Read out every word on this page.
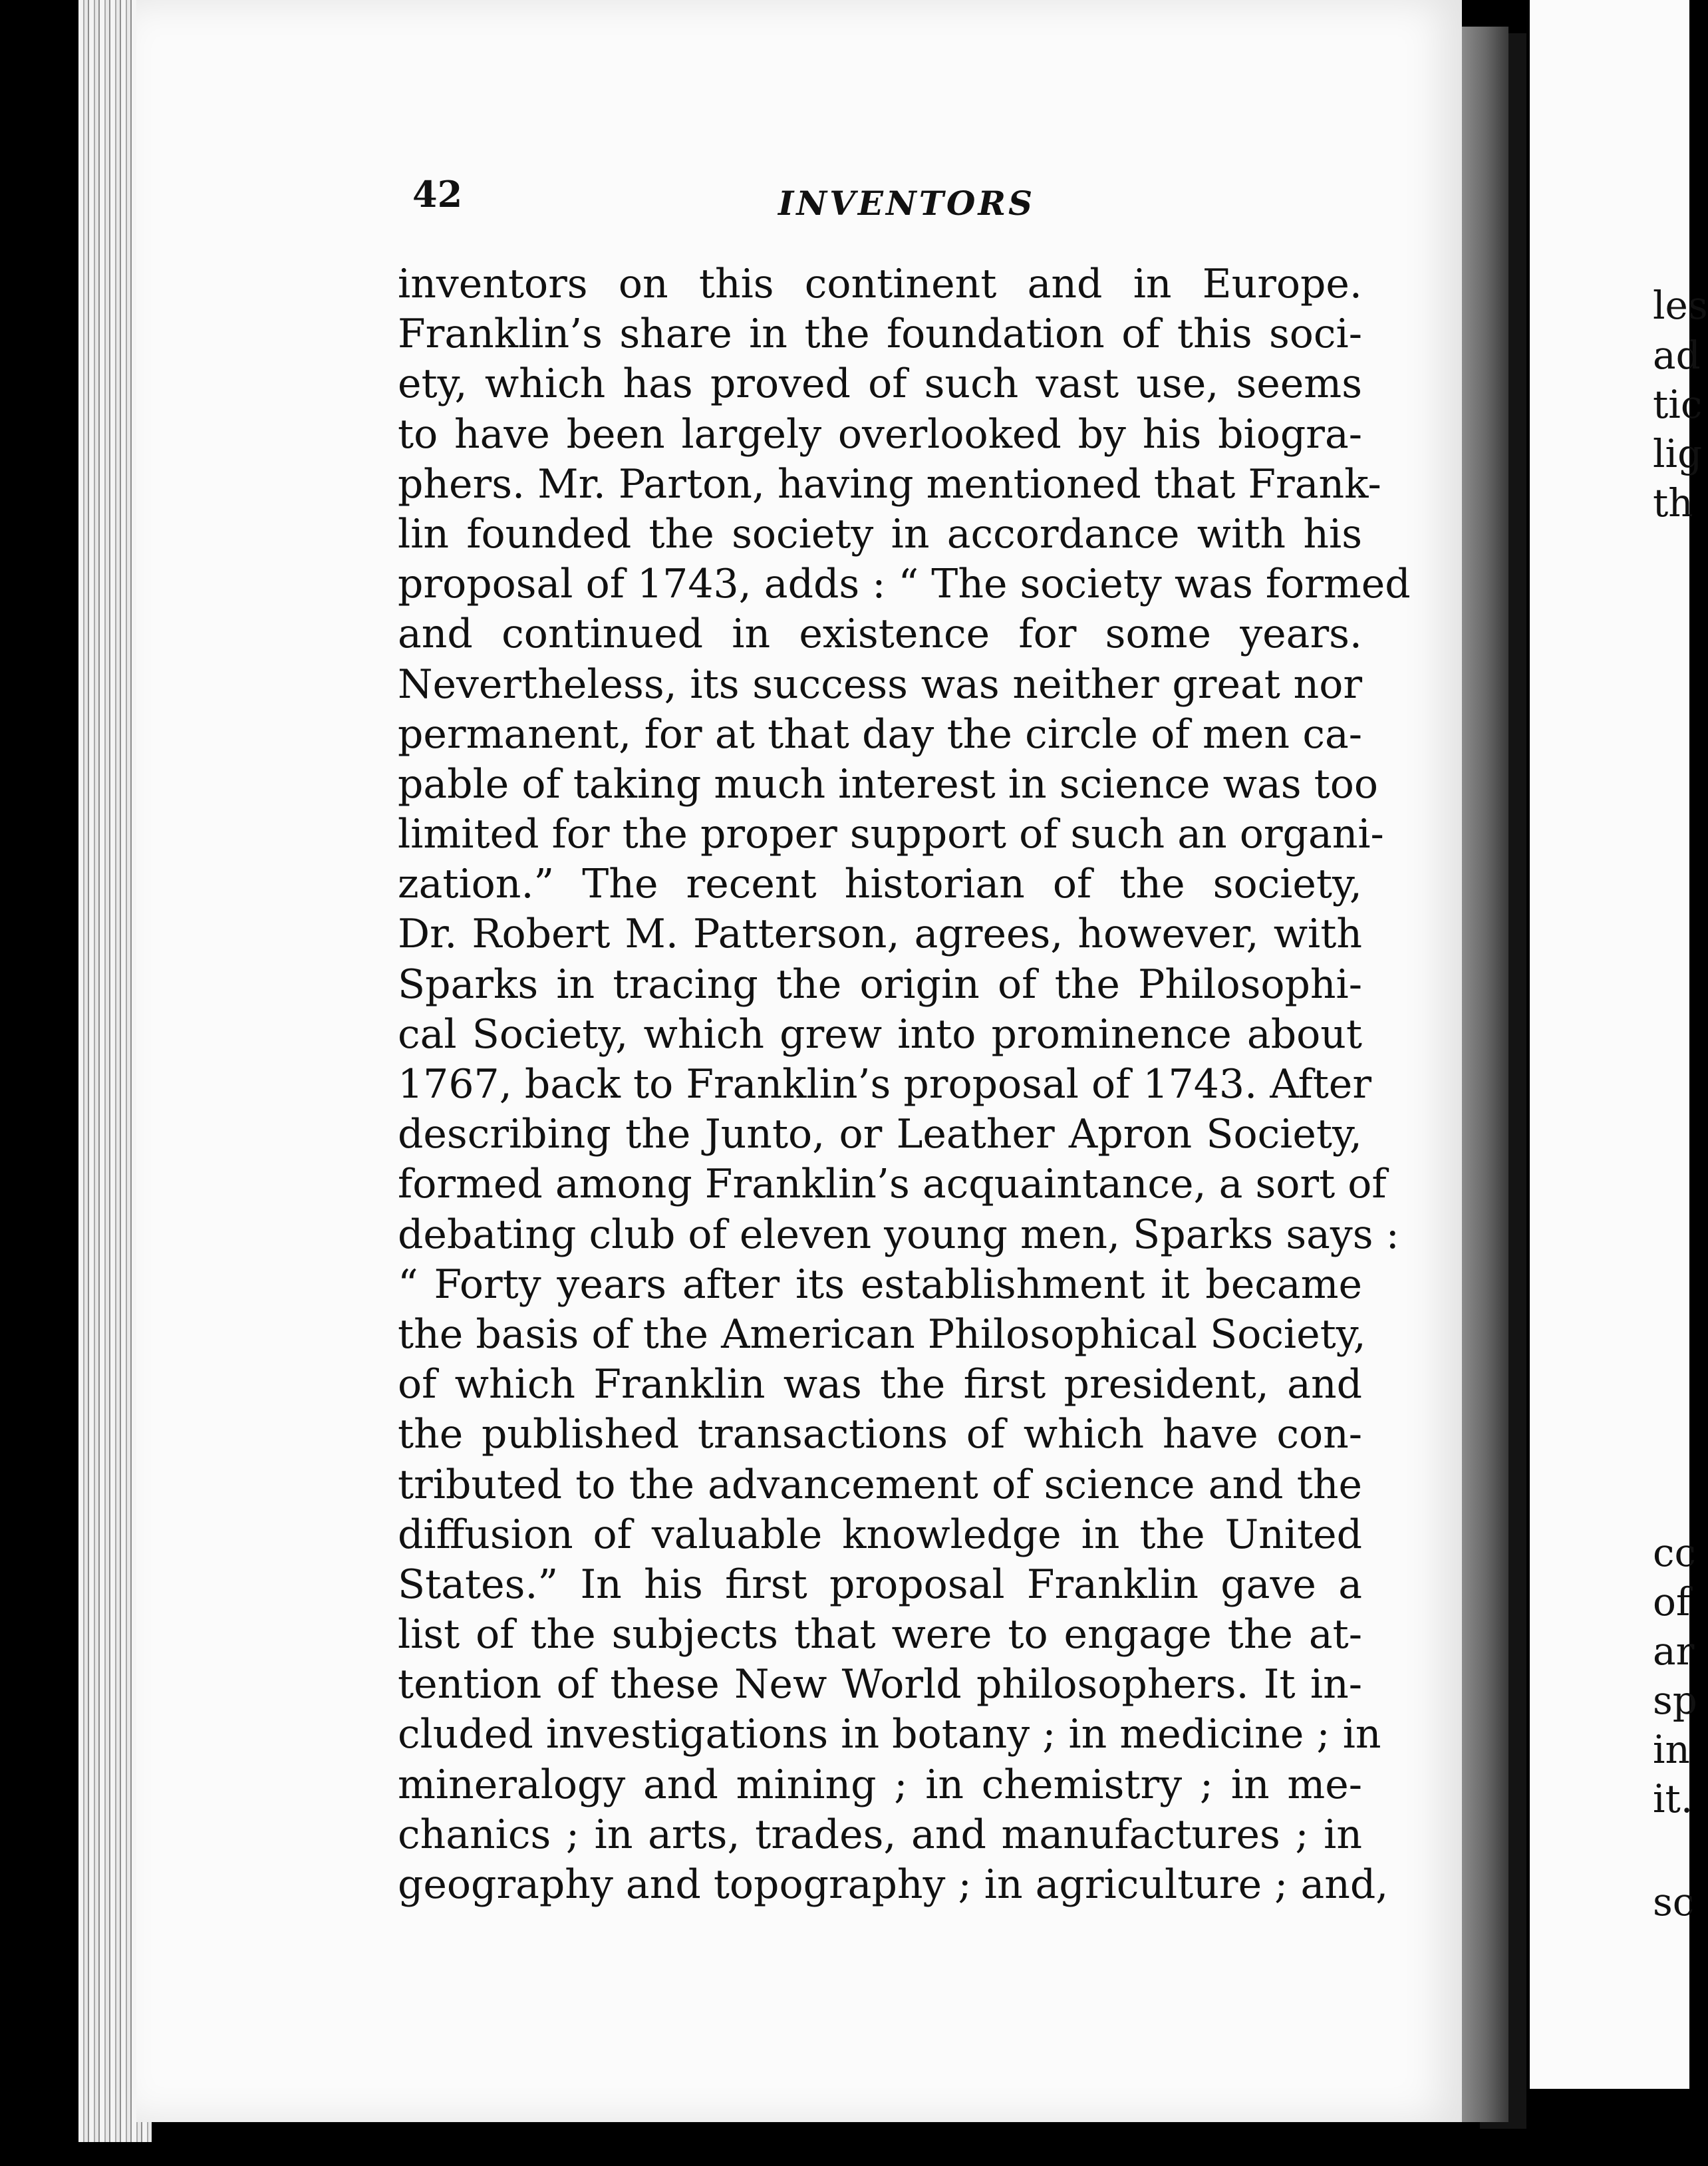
42	INVENTORS
inventors on this continent and in Europe.
Franklin’s share in the foundation of this soci-
ety, which has proved of such vast use, seems
to have been largely overlooked by his biogra-
phers. Mr. Parton, having mentioned that Frank-
lin founded the society in accordance with his
proposal of 1743, adds : “ The society was formed
and continued in existence for some years.
Nevertheless, its success was neither great nor
permanent, for at that day the circle of men ca-
pable of taking much interest in science was too
limited for the proper support of such an organi-
zation.” The recent historian of the society,
Dr. Robert M. Patterson, agrees, however, with
Sparks in tracing the origin of the Philosophi-
cal Society, which grew into prominence about
1767, back to Franklin’s proposal of 1743. After
describing the Junto, or Leather Apron Society,
formed among Franklin’s acquaintance, a sort of
debating club of eleven young men, Sparks says :
“ Forty years after its establishment it became
the basis of the American Philosophical Society,
of which Franklin was the first president, and
the published transactions of which have con-
tributed to the advancement of science and the
diffusion of valuable knowledge in the United
States.” In his first proposal Franklin gave a
list of the subjects that were to engage the at-
tention of these New World philosophers. It in-
cluded investigations in botany ; in medicine ; in
mineralogy and mining ; in chemistry ; in me-
chanics ; in arts, trades, and manufactures ; in
geography and topography ; in agriculture ; and,
les
ad
tic
lig
th
cc
of
ar
sp
in
it.
sc
